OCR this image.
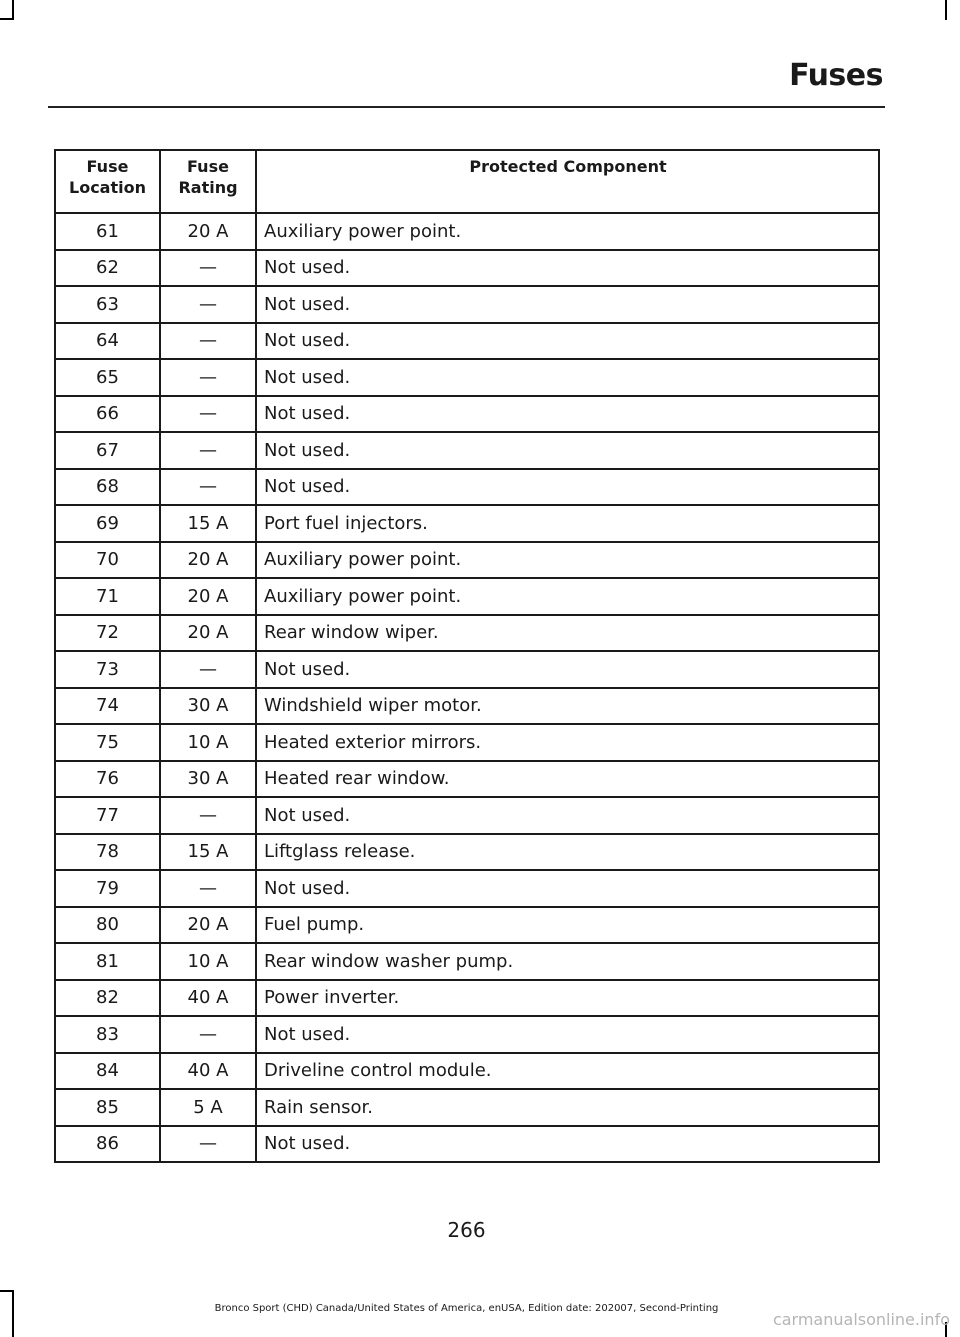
Fuses
Fuse Location	Fuse Rating	Protected Component

61	20 A	Auxiliary power point.
62	—	Not used.
63	—	Not used.
64	—	Not used.
65	—	Not used.
66	—	Not used.
67	—	Not used.
68	—	Not used.
69	15 A	Port fuel injectors.
70	20 A	Auxiliary power point.
71	20 A	Auxiliary power point.
72	20 A	Rear window wiper.
73	—	Not used.
74	30 A	Windshield wiper motor.
75	10 A	Heated exterior mirrors.
76	30 A	Heated rear window.
77	—	Not used.
78	15 A	Liftglass release.
79	—	Not used.
80	20 A	Fuel pump.
81	10 A	Rear window washer pump.
82	40 A	Power inverter.
83	—	Not used.
84	40 A	Driveline control module.
85	5 A	Rain sensor.
86	—	Not used.
266
Bronco Sport (CHD) Canada/United States of America, enUSA, Edition date: 202007, Second-Printing
carmanualsonline.info
